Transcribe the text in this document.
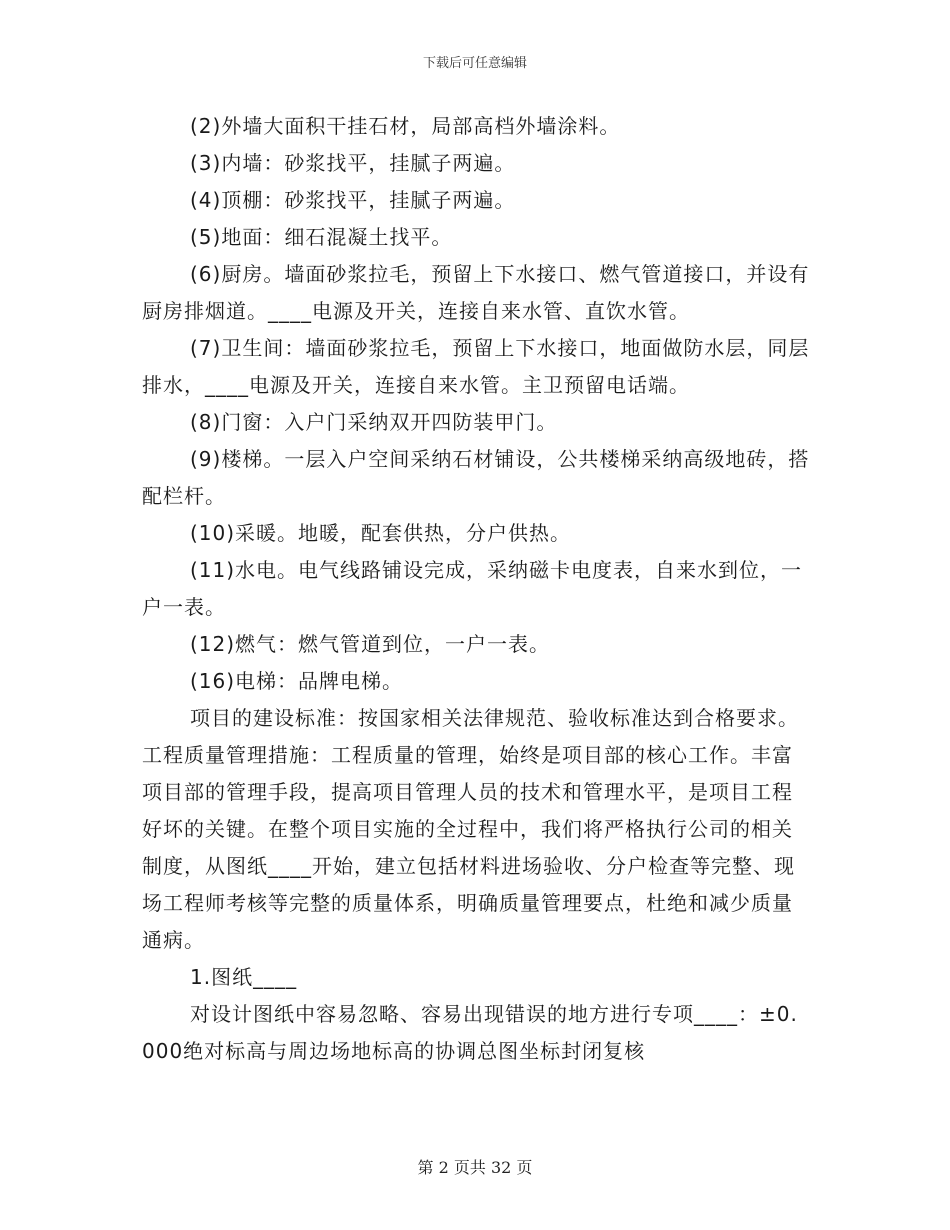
下载后可任意编辑

(2)外墙大面积干挂石材，局部高档外墙涂料。

(3)内墙：砂浆找平，挂腻子两遍。

(4)顶棚：砂浆找平，挂腻子两遍。

(5)地面：细石混凝土找平。

(6)厨房。墙面砂浆拉毛，预留上下水接口、燃气管道接口，并设有厨房排烟道。____电源及开关，连接自来水管、直饮水管。

(7)卫生间：墙面砂浆拉毛，预留上下水接口，地面做防水层，同层排水，____电源及开关，连接自来水管。主卫预留电话端。

(8)门窗：入户门采纳双开四防装甲门。

(9)楼梯。一层入户空间采纳石材铺设，公共楼梯采纳高级地砖，搭配栏杆。

(10)采暖。地暖，配套供热，分户供热。

(11)水电。电气线路铺设完成，采纳磁卡电度表，自来水到位，一户一表。

(12)燃气：燃气管道到位，一户一表。

(16)电梯：品牌电梯。

项目的建设标准：按国家相关法律规范、验收标准达到合格要求。工程质量管理措施：工程质量的管理，始终是项目部的核心工作。丰富项目部的管理手段，提高项目管理人员的技术和管理水平，是项目工程好坏的关键。在整个项目实施的全过程中，我们将严格执行公司的相关制度，从图纸____开始，建立包括材料进场验收、分户检查等完整、现场工程师考核等完整的质量体系，明确质量管理要点，杜绝和减少质量通病。

1.图纸____

对设计图纸中容易忽略、容易出现错误的地方进行专项____：±0.000绝对标高与周边场地标高的协调总图坐标封闭复核

第 2 页共 32 页
